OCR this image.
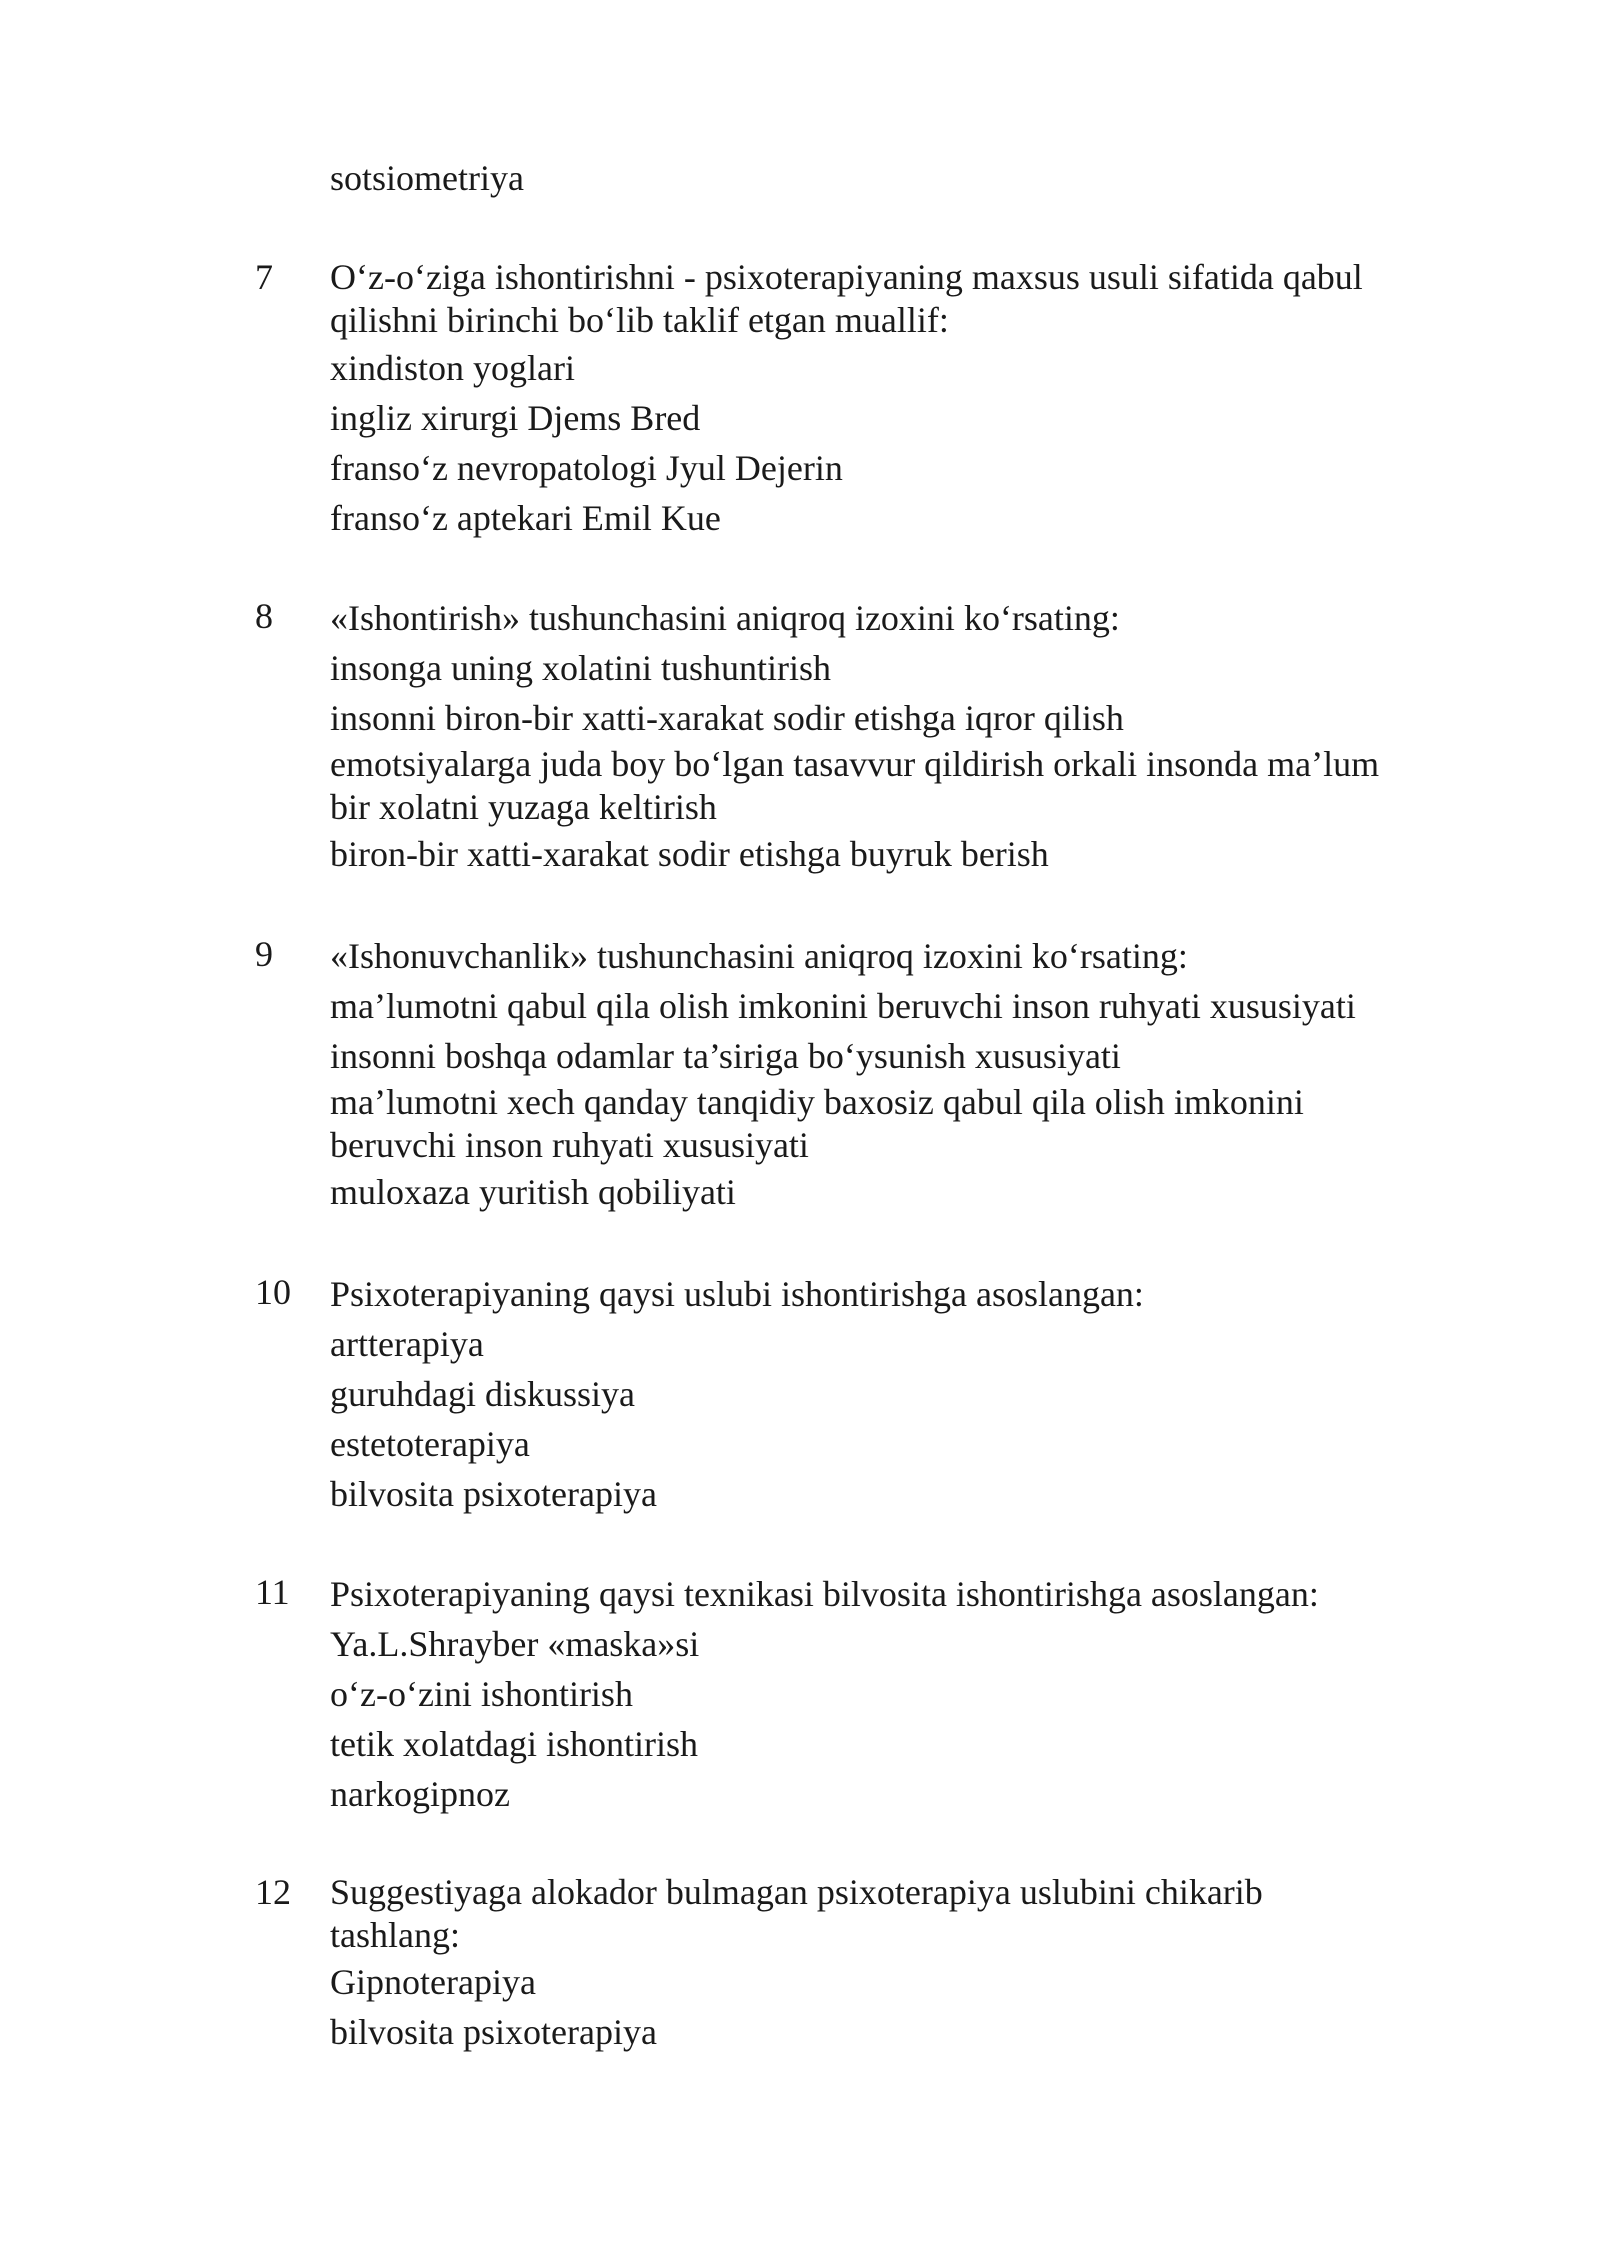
sotsiometriya

7 O‘z-o‘ziga ishontirishni - psixoterapiyaning maxsus usuli sifatida qabul

qilishni birinchi bo‘lib taklif etgan muallif:

xindiston yoglari

ingliz xirurgi Djems Bred

franso‘z nevropatologi Jyul Dejerin

franso‘z aptekari Emil Kue

8 «Ishontirish» tushunchasini aniqroq izoxini ko‘rsating:

insonga uning xolatini tushuntirish

insonni biron-bir xatti-xarakat sodir etishga iqror qilish

emotsiyalarga juda boy bo‘lgan tasavvur qildirish orkali insonda ma’lum

bir xolatni yuzaga keltirish

biron-bir xatti-xarakat sodir etishga buyruk berish

9 «Ishonuvchanlik» tushunchasini aniqroq izoxini ko‘rsating:

ma’lumotni qabul qila olish imkonini beruvchi inson ruhyati xususiyati

insonni boshqa odamlar ta’siriga bo‘ysunish xususiyati

ma’lumotni xech qanday tanqidiy baxosiz qabul qila olish imkonini

beruvchi inson ruhyati xususiyati

muloxaza yuritish qobiliyati

10 Psixoterapiyaning qaysi uslubi ishontirishga asoslangan:

artterapiya

guruhdagi diskussiya

estetoterapiya

bilvosita psixoterapiya

11 Psixoterapiyaning qaysi texnikasi bilvosita ishontirishga asoslangan:

Ya.L.Shrayber «maska»si

o‘z-o‘zini ishontirish

tetik xolatdagi ishontirish

narkogipnoz

12 Suggestiyaga alokador bulmagan psixoterapiya uslubini chikarib

tashlang:

Gipnoterapiya

bilvosita psixoterapiya
